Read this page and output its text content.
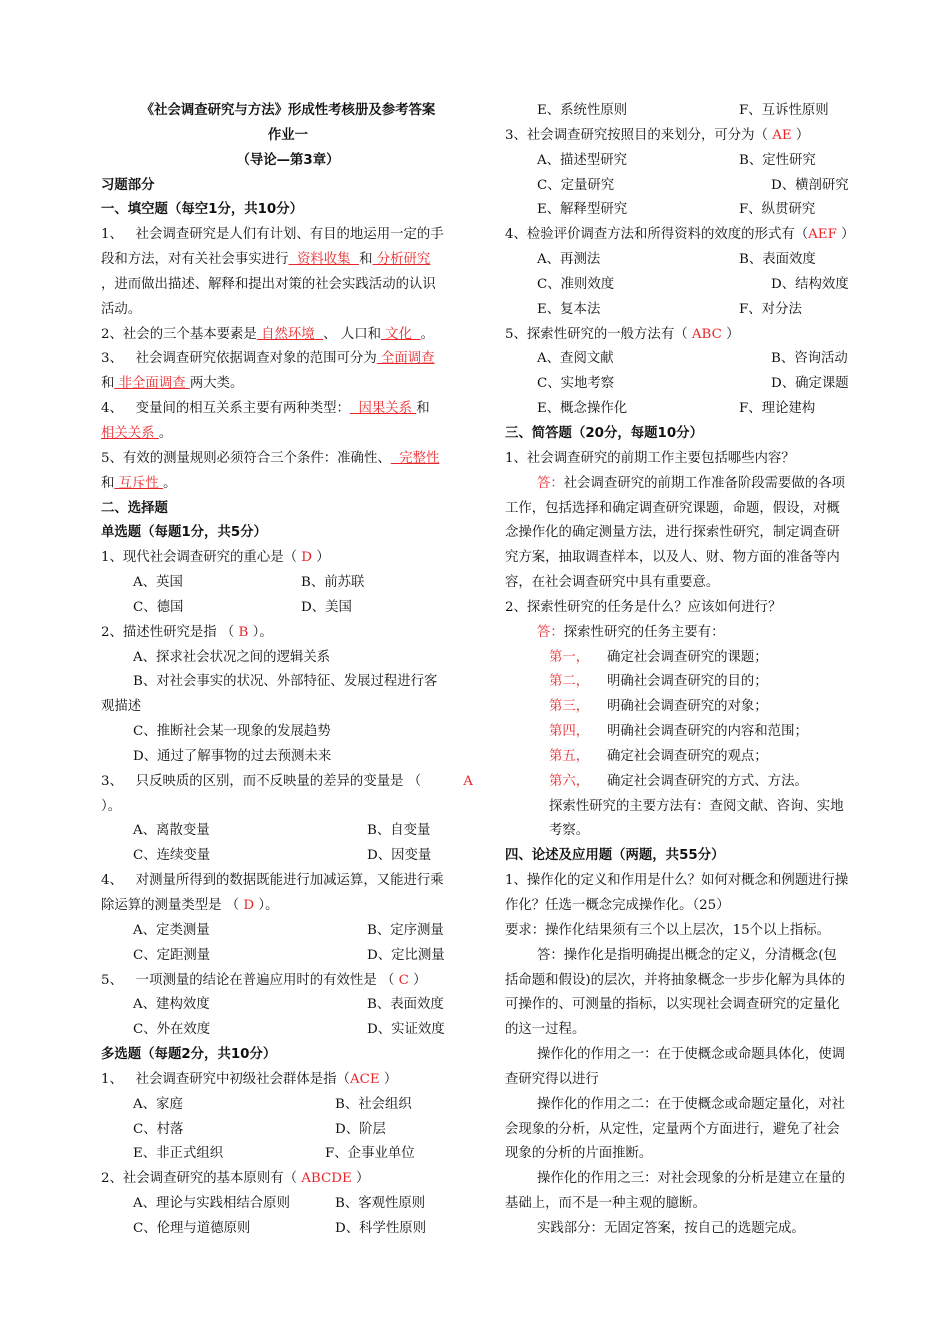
《社会调查研究与方法》形成性考核册及参考答案
作业一
（导论—第3章）
习题部分
一、填空题（每空1分，共10分）
1、   社会调查研究是人们有计划、有目的地运用一定的手
段和方法，对有关社会事实进行  资料收集  和 分析研究
，进而做出描述、解释和提出对策的社会实践活动的认识
活动。
2、社会的三个基本要素是 自然环境  、 人口和 文化  。
3、   社会调查研究依据调查对象的范围可分为 全面调查
和 非全面调查 两大类。
4、   变量间的相互关系主要有两种类型：  因果关系 和
相关关系 。
5、有效的测量规则必须符合三个条件：准确性、  完整性
和 互斥性 。
二、选择题
单选题（每题1分，共5分）
1、现代社会调查研究的重心是（ D ）
A、英国	B、前苏联
C、德国	D、美国
2、描述性研究是指 （ B ）。
A、探求社会状况之间的逻辑关系
B、对社会事实的状况、外部特征、发展过程进行客
观描述
C、推断社会某一现象的发展趋势
D、通过了解事物的过去预测未来
3、   只反映质的区别，而不反映量的差异的变量是 （	A
）。
A、离散变量	B、自变量
C、连续变量	D、因变量
4、   对测量所得到的数据既能进行加减运算，又能进行乘
除运算的测量类型是 （ D ）。
A、定类测量	B、定序测量
C、定距测量	D、定比测量
5、   一项测量的结论在普遍应用时的有效性是 （ C ）
A、建构效度	B、表面效度
C、外在效度	D、实证效度
多选题（每题2分，共10分）
1、   社会调查研究中初级社会群体是指（ACE ）
A、家庭	B、社会组织
C、村落	D、阶层
E、非正式组织	F、企事业单位
2、社会调查研究的基本原则有（ ABCDE ）
A、理论与实践相结合原则	B、客观性原则
C、伦理与道德原则	D、科学性原则
E、系统性原则	F、互诉性原则
3、社会调查研究按照目的来划分，可分为（ AE ）
A、描述型研究	B、定性研究
C、定量研究	D、横剖研究
E、解释型研究	F、纵贯研究
4、检验评价调查方法和所得资料的效度的形式有（AEF ）
A、再测法	B、表面效度
C、准则效度	D、结构效度
E、复本法	F、对分法
5、探索性研究的一般方法有（ ABC ）
A、查阅文献	B、咨询活动
C、实地考察	D、确定课题
E、概念操作化	F、理论建构
三、简答题（20分，每题10分）
1、社会调查研究的前期工作主要包括哪些内容？
答：社会调查研究的前期工作准备阶段需要做的各项
工作，包括选择和确定调查研究课题，命题，假设，对概
念操作化的确定测量方法，进行探索性研究，制定调查研
究方案，抽取调查样本，以及人、财、物方面的准备等内
容，在社会调查研究中具有重要意。
2、探索性研究的任务是什么？应该如何进行？
答：探索性研究的任务主要有：
第一， 确定社会调查研究的课题；
第二， 明确社会调查研究的目的；
第三， 明确社会调查研究的对象；
第四， 明确社会调查研究的内容和范围；
第五， 确定社会调查研究的观点；
第六， 确定社会调查研究的方式、方法。
探索性研究的主要方法有：查阅文献、咨询、实地
考察。
四、论述及应用题（两题，共55分）
1、操作化的定义和作用是什么？如何对概念和例题进行操
作化？任选一概念完成操作化。（25）
要求：操作化结果须有三个以上层次，15个以上指标。
答：操作化是指明确提出概念的定义，分清概念(包
括命题和假设)的层次，并将抽象概念一步步化解为具体的
可操作的、可测量的指标，以实现社会调查研究的定量化
的这一过程。
操作化的作用之一：在于使概念或命题具体化，使调
查研究得以进行
操作化的作用之二：在于使概念或命题定量化，对社
会现象的分析，从定性，定量两个方面进行，避免了社会
现象的分析的片面推断。
操作化的作用之三：对社会现象的分析是建立在量的
基础上，而不是一种主观的臆断。
实践部分：无固定答案，按自己的选题完成。
